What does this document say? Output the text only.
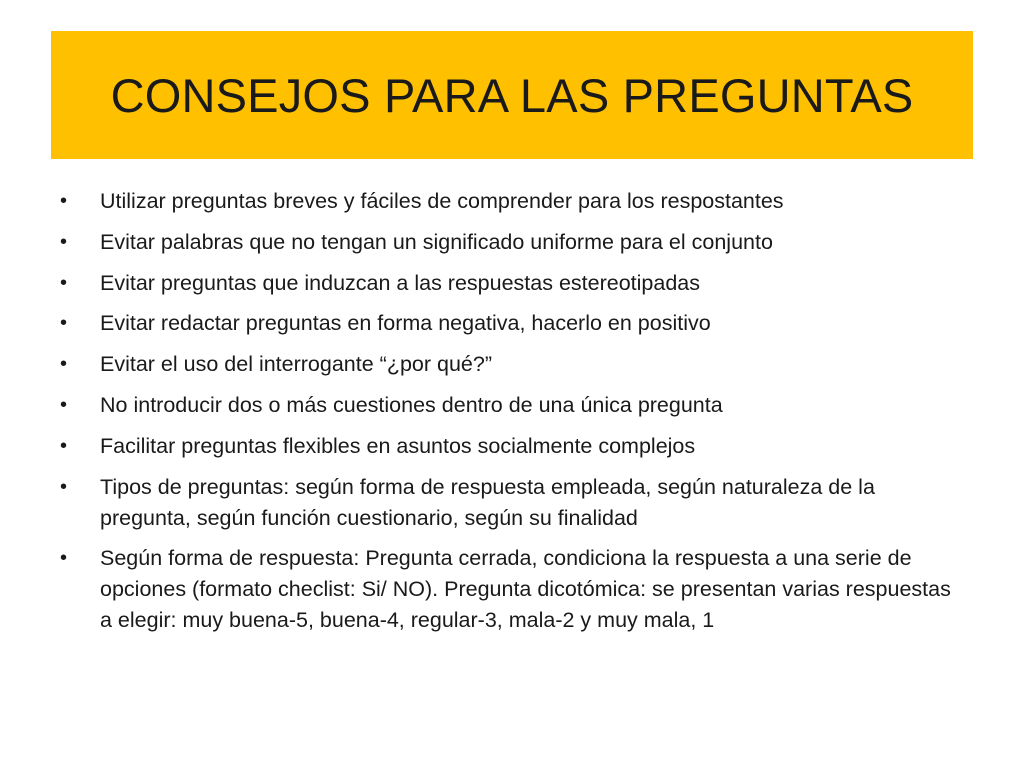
CONSEJOS PARA LAS PREGUNTAS
•	Utilizar preguntas breves y fáciles de comprender para los respostantes
•	Evitar palabras que no tengan un significado uniforme para el conjunto
•	Evitar preguntas que induzcan a las respuestas estereotipadas
•	Evitar redactar preguntas en forma negativa, hacerlo en positivo
•	Evitar el uso del interrogante “¿por qué?”
•	No introducir dos o más cuestiones dentro de una única pregunta
•	Facilitar preguntas flexibles en asuntos socialmente complejos
•	Tipos de preguntas: según forma de respuesta empleada, según naturaleza de la pregunta, según función cuestionario, según su finalidad
•	Según forma de respuesta: Pregunta cerrada, condiciona la respuesta a una serie de opciones (formato checlist: Si/ NO). Pregunta dicotómica: se presentan varias respuestas a elegir: muy buena-5, buena-4, regular-3, mala-2 y muy mala, 1
